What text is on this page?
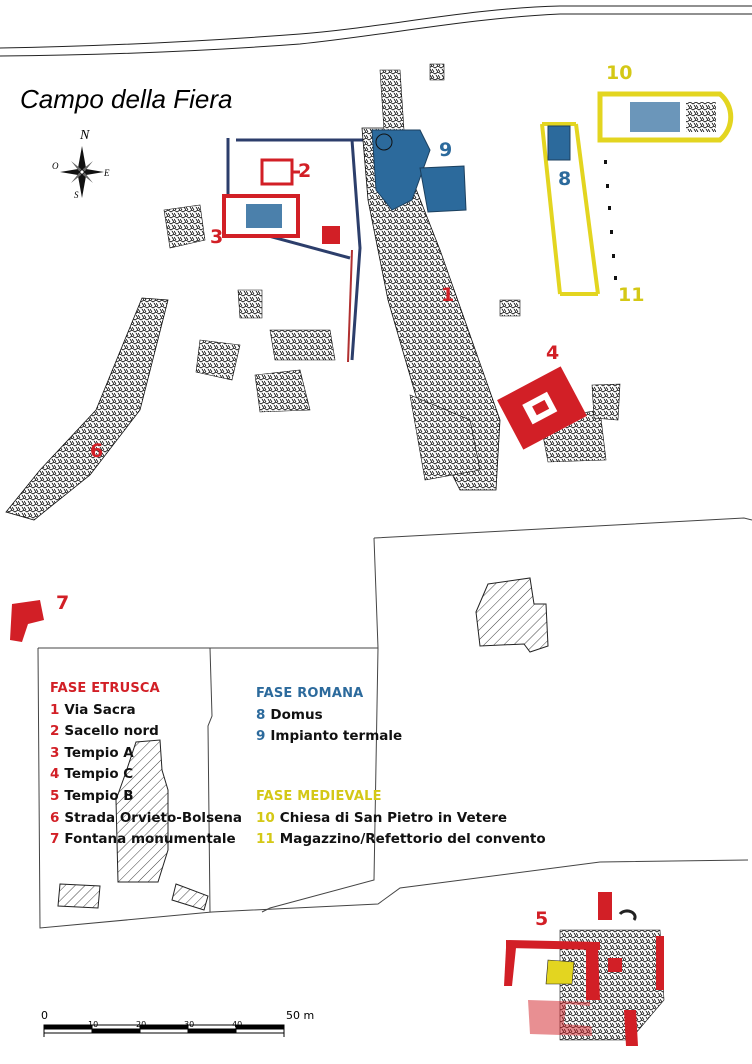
Campo della Fiera
N
S
E
O
1
2
3
4
5
6
7
8
9
10
11
FASE ETRUSCA
1 Via Sacra
2 Sacello nord
3 Tempio A
4 Tempio C
5 Tempio B
6 Strada Orvieto-Bolsena
7 Fontana monumentale
FASE ROMANA
8 Domus
9 Impianto termale
FASE MEDIEVALE
10 Chiesa di San Pietro in Vetere
11 Magazzino/Refettorio del convento
0
10	20	30	40
50 m
